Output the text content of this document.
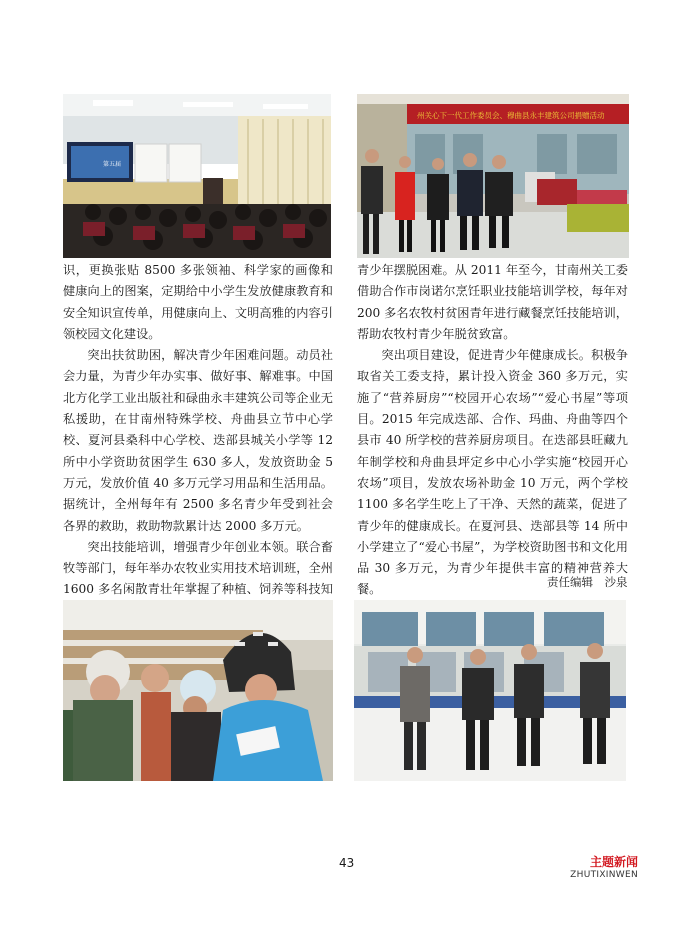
第五届
州关心下一代工作委员会、穆曲县永丰建筑公司捐赠活动

识，更换张贴 8500 多张领袖、科学家的画像和健康向上的图案，定期给中小学生发放健康教育和安全知识宣传单，用健康向上、文明高雅的内容引领校园文化建设。

突出扶贫助困，解决青少年困难问题。动员社会力量，为青少年办实事、做好事、解难事。中国北方化学工业出版社和碌曲永丰建筑公司等企业无私援助，在甘南州特殊学校、舟曲县立节中心学校、夏河县桑科中心学校、迭部县城关小学等 12 所中小学资助贫困学生 630 多人，发放资助金 5 万元，发放价值 40 多万元学习用品和生活用品。据统计，全州每年有 2500 多名青少年受到社会各界的救助，救助物款累计达 2000 多万元。

突出技能培训，增强青少年创业本领。联合畜牧等部门，每年举办农牧业实用技术培训班，全州 1600 多名闲散青壮年掌握了种植、饲养等科技知

青少年摆脱困难。从 2011 年至今，甘南州关工委借助合作市岗诺尔烹饪职业技能培训学校，每年对 200 多名农牧村贫困青年进行藏餐烹饪技能培训，帮助农牧村青少年脱贫致富。

突出项目建设，促进青少年健康成长。积极争取省关工委支持，累计投入资金 360 多万元，实施了“营养厨房”“校园开心农场”“爱心书屋”等项目。2015 年完成迭部、合作、玛曲、舟曲等四个县市 40 所学校的营养厨房项目。在迭部县旺藏九年制学校和舟曲县坪定乡中心小学实施“校园开心农场”项目，发放农场补助金 10 万元，两个学校 1100 多名学生吃上了干净、天然的蔬菜，促进了青少年的健康成长。在夏河县、迭部县等 14 所中小学建立了“爱心书屋”，为学校资助图书和文化用品 30 多万元，为青少年提供丰富的精神营养大餐。

责任编辑　沙泉
43	主题新闻
ZHUTIXINWEN
